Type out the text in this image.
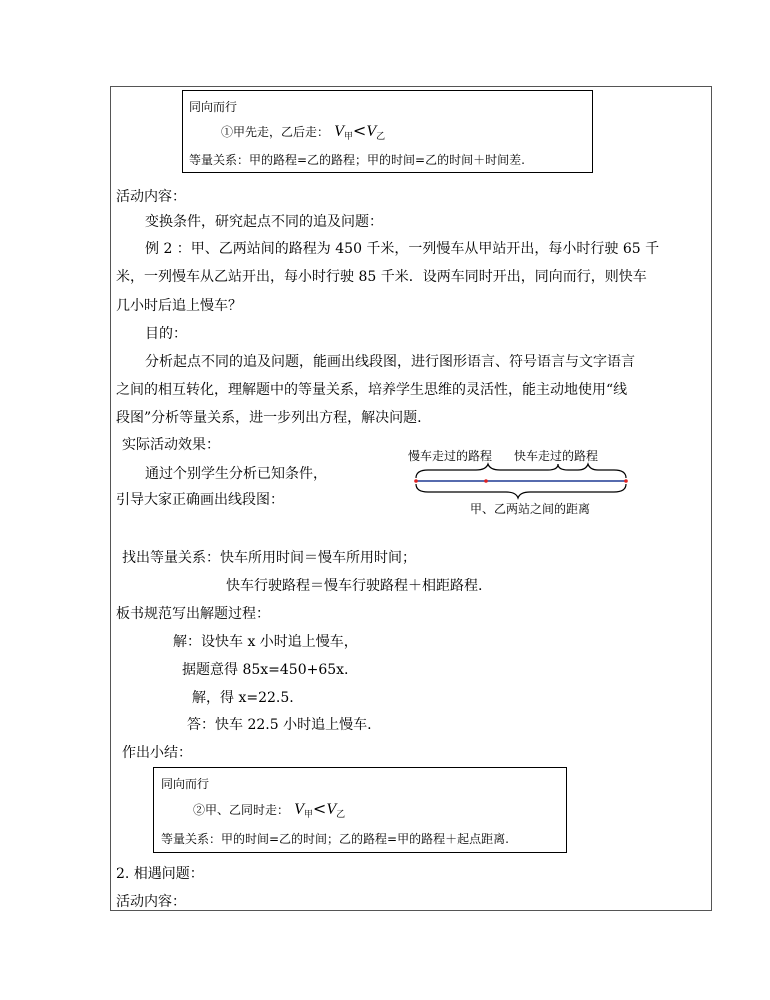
同向而行
①甲先走，乙后走： $V_甲<V_乙$
等量关系：甲的路程=乙的路程；甲的时间=乙的时间＋时间差.
活动内容：
变换条件，研究起点不同的追及问题：
例 2 ：甲、乙两站间的路程为 450 千米，一列慢车从甲站开出，每小时行驶 65 千
米，一列慢车从乙站开出，每小时行驶 85 千米．设两车同时开出，同向而行，则快车
几小时后追上慢车？
目的：
分析起点不同的追及问题，能画出线段图，进行图形语言、符号语言与文字语言
之间的相互转化，理解题中的等量关系，培养学生思维的灵活性，能主动地使用“线
段图”分析等量关系，进一步列出方程，解决问题.
实际活动效果：
通过个别学生分析已知条件，
引导大家正确画出线段图：
慢车走过的路程 快车走过的路程
甲、乙两站之间的距离
找出等量关系：快车所用时间＝慢车所用时间；
快车行驶路程＝慢车行驶路程＋相距路程.
板书规范写出解题过程：
解：设快车 x 小时追上慢车，
据题意得 85x=450+65x.
解，得 x=22.5.
答：快车 22.5 小时追上慢车.
作出小结：
同向而行
②甲、乙同时走： $V_甲<V_乙$
等量关系：甲的时间=乙的时间；乙的路程=甲的路程＋起点距离.
2. 相遇问题：
活动内容：
